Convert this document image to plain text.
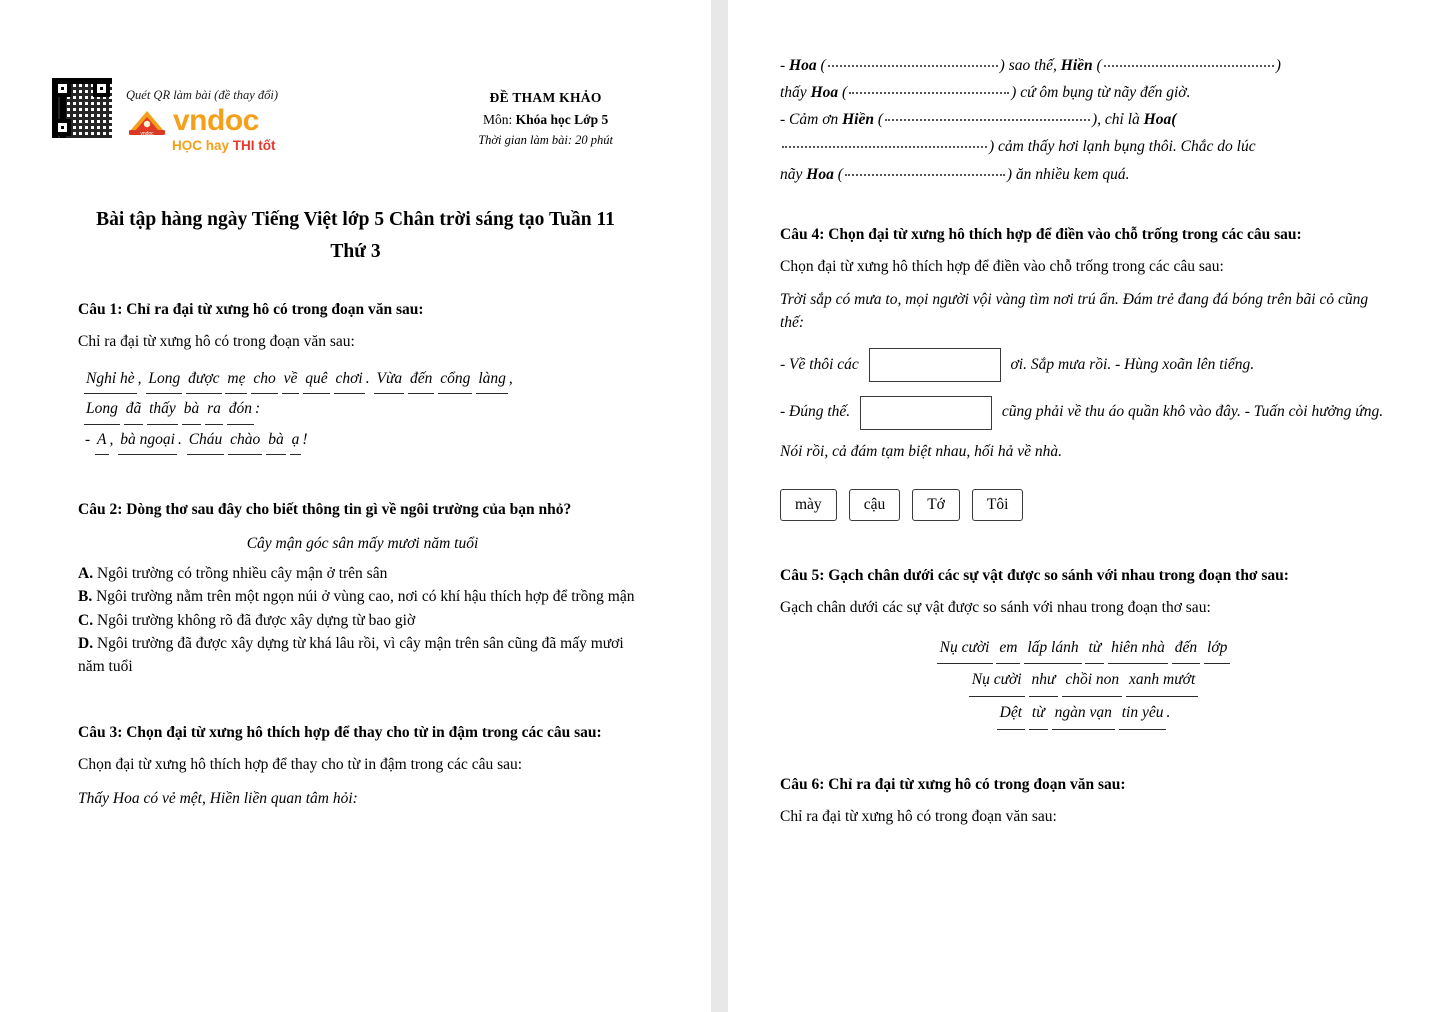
Quét QR làm bài (đề thay đổi)
vndoc vndoc
HỌC hay THI tốt
ĐỀ THAM KHẢO
Môn: Khóa học Lớp 5
Thời gian làm bài: 20 phút
Bài tập hàng ngày Tiếng Việt lớp 5 Chân trời sáng tạo Tuần 11
Thứ 3
Câu 1: Chỉ ra đại từ xưng hô có trong đoạn văn sau:
Chỉ ra đại từ xưng hô có trong đoạn văn sau:
Nghỉ hè , Long được mẹ cho về quê chơi . Vừa đến cổng làng ,
Long đã thấy bà ra đón :
- A , bà ngoại . Cháu chào bà ạ !
Câu 2: Dòng thơ sau đây cho biết thông tin gì về ngôi trường của bạn nhỏ?
Cây mận góc sân mấy mươi năm tuổi
A. Ngôi trường có trồng nhiều cây mận ở trên sân
B. Ngôi trường nằm trên một ngọn núi ở vùng cao, nơi có khí hậu thích hợp để trồng mận
C. Ngôi trường không rõ đã được xây dựng từ bao giờ
D. Ngôi trường đã được xây dựng từ khá lâu rồi, vì cây mận trên sân cũng đã mấy mươi năm tuổi
Câu 3: Chọn đại từ xưng hô thích hợp để thay cho từ in đậm trong các câu sau:
Chọn đại từ xưng hô thích hợp để thay cho từ in đậm trong các câu sau:
Thấy Hoa có vẻ mệt, Hiền liền quan tâm hỏi:
- Hoa (	) sao thế, Hiền (	)
thấy Hoa (	) cứ ôm bụng từ nãy đến giờ.
- Cảm ơn Hiền (	), chỉ là Hoa(
) cảm thấy hơi lạnh bụng thôi. Chắc do lúc
nãy Hoa (	) ăn nhiều kem quá.
Câu 4: Chọn đại từ xưng hô thích hợp để điền vào chỗ trống trong các câu sau:
Chọn đại từ xưng hô thích hợp để điền vào chỗ trống trong các câu sau:
Trời sắp có mưa to, mọi người vội vàng tìm nơi trú ẩn. Đám trẻ đang đá bóng trên bãi cỏ cũng thế:
- Về thôi các	ơi. Sắp mưa rồi. - Hùng xoãn lên tiếng.
- Đúng thế.	cũng phải về thu áo quần khô vào đây. - Tuấn còi hưởng ứng.
Nói rồi, cả đám tạm biệt nhau, hối hả về nhà.
mày	cậu	Tớ	Tôi
Câu 5: Gạch chân dưới các sự vật được so sánh với nhau trong đoạn thơ sau:
Gạch chân dưới các sự vật được so sánh với nhau trong đoạn thơ sau:
Nụ cười em lấp lánh từ hiên nhà đến lớp
Nụ cười như chồi non xanh mướt
Dệt từ ngàn vạn tin yêu .
Câu 6: Chỉ ra đại từ xưng hô có trong đoạn văn sau:
Chỉ ra đại từ xưng hô có trong đoạn văn sau:
